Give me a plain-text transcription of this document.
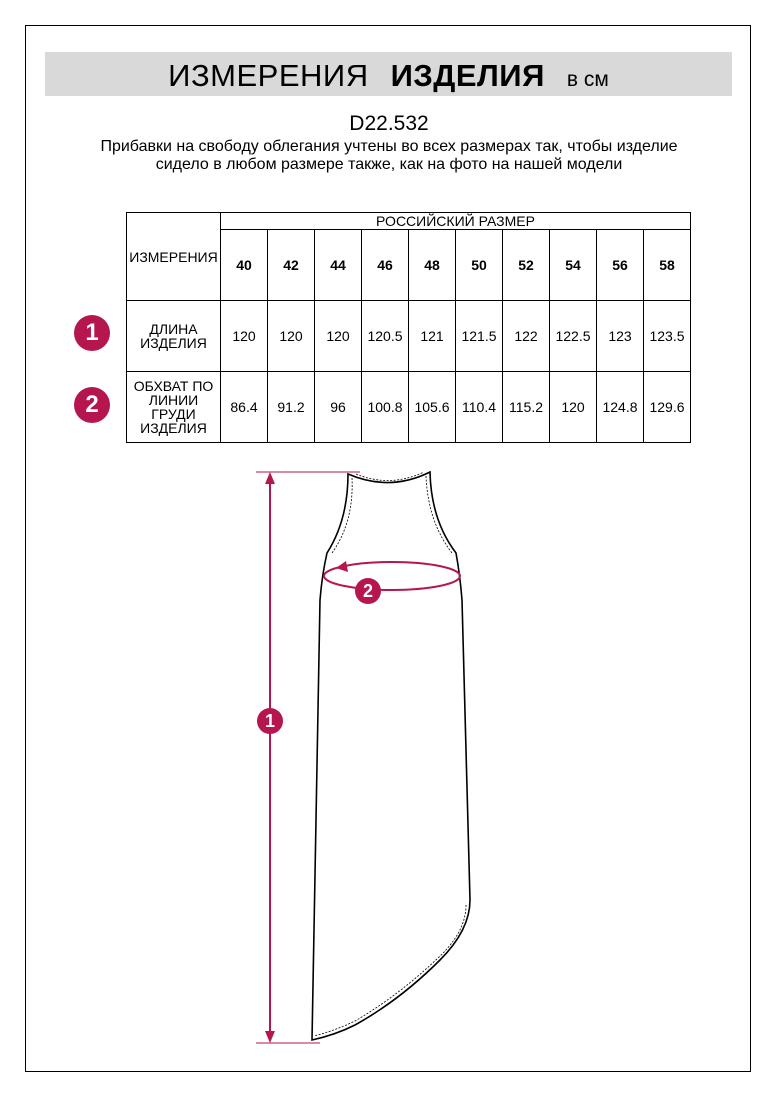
ИЗМЕРЕНИЯ ИЗДЕЛИЯ в см
D22.532
Прибавки на свободу облегания учтены во всех размерах так, чтобы изделие сидело в любом размере также, как на фото на нашей модели
ИЗМЕРЕНИЯ	РОССИЙСКИЙ РАЗМЕР									
	40	42	44	46	48	50	52	54	56	58
ДЛИНА ИЗДЕЛИЯ	120	120	120	120.5	121	121.5	122	122.5	123	123.5
ОБХВАТ ПО ЛИНИИ ГРУДИ ИЗДЕЛИЯ	86.4	91.2	96	100.8	105.6	110.4	115.2	120	124.8	129.6
1
2
1
2
